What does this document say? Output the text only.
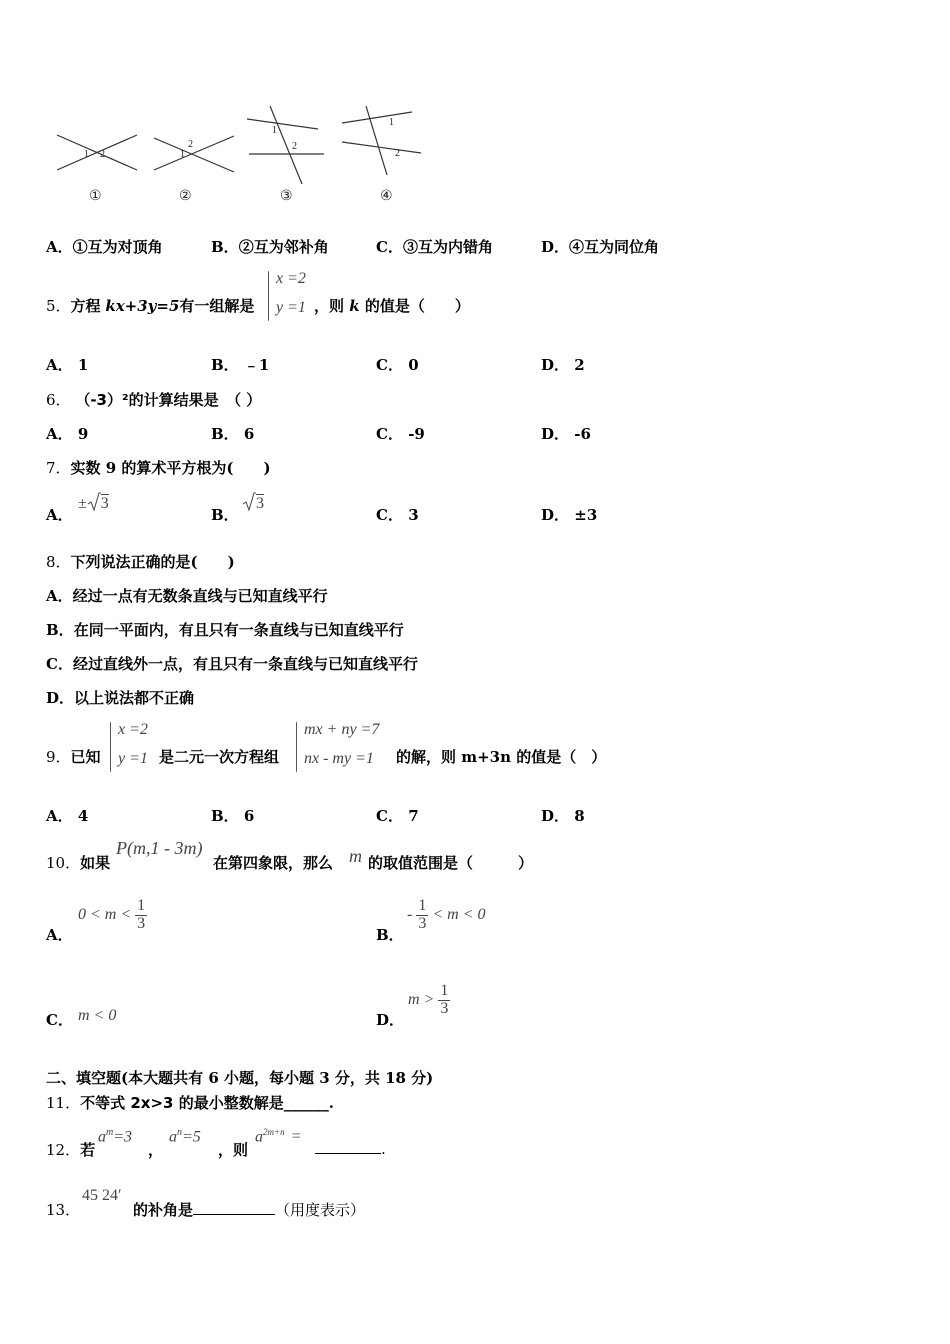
1 2	1
2
1
2
1
2
①	②	③	④
A．①互为对顶角	B．②互为邻补角	C．③互为内错角	D．④互为同位角
5．方程 kx+3y=5有一组解是
x =2
y =1 ，则 k 的值是（　　）
A． 1	B． ﹣1	C． 0	D． 2
6． （-3）²的计算结果是　（ ）
A． 9	B． 6	C． -9	D． -6
7．实数 9 的算术平方根为(　　)
A．
± 3
B．
3
C． 3	D． ±3
8．下列说法正确的是(　　)
A．经过一点有无数条直线与已知直线平行
B．在同一平面内，有且只有一条直线与已知直线平行
C．经过直线外一点，有且只有一条直线与已知直线平行
D．以上说法都不正确
9．已知
x =2
y =1 是二元一次方程组
mx + ny =7
nx - my =1 的解，则 m+3n 的值是（　）
A． 4	B． 6	C． 7	D． 8
10．如果
P(m,1 - 3m)
在第四象限，那么 m 的取值范围是（　　　）
A．
$0 < m < \frac{1}{3}$
B．
- $\frac{1}{3} < m < 0$
C． m < 0	D．
$m > \frac{1}{3}$
二、填空题(本大题共有 6 小题，每小题 3 分，共 18 分)
11．不等式 2x>3 的最小整数解是______.
12．若
$a^m=3$
，
$a^n=5$
，则
$a^{2m+n}$ =
.
13．
45 24′
的补角是	（用度表示）
